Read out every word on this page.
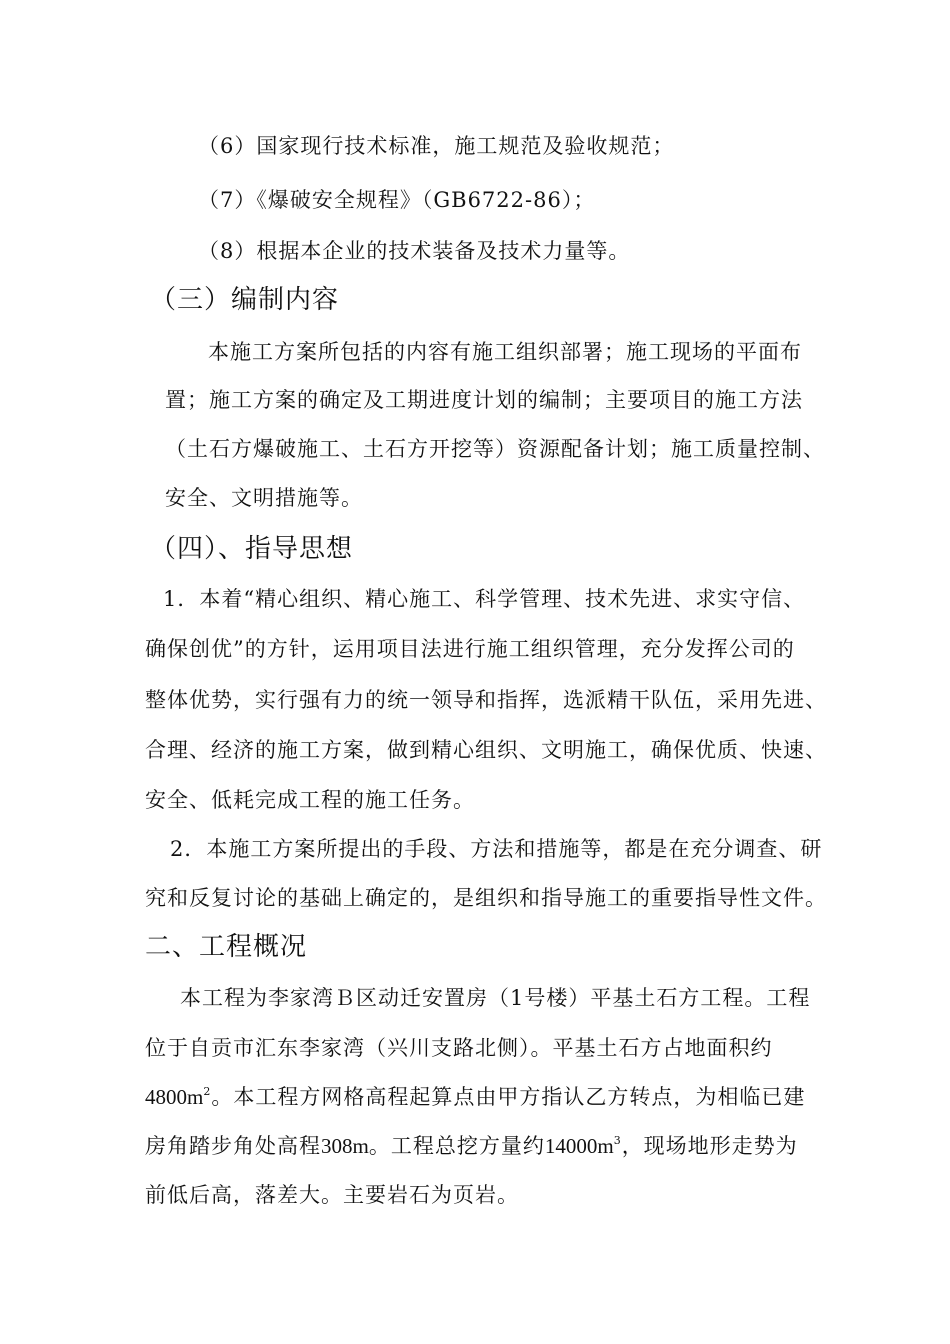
（6）国家现行技术标准，施工规范及验收规范；
（7）《爆破安全规程》（GB6722-86）；
（8）根据本企业的技术装备及技术力量等。
（三）编制内容
本施工方案所包括的内容有施工组织部署；施工现场的平面布
置；施工方案的确定及工期进度计划的编制；主要项目的施工方法
（土石方爆破施工、土石方开挖等）资源配备计划；施工质量控制、
安全、文明措施等。
（四）、指导思想
1．本着“精心组织、精心施工、科学管理、技术先进、求实守信、
确保创优”的方针，运用项目法进行施工组织管理，充分发挥公司的
整体优势，实行强有力的统一领导和指挥，选派精干队伍，采用先进、
合理、经济的施工方案，做到精心组织、文明施工，确保优质、快速、
安全、低耗完成工程的施工任务。
2．本施工方案所提出的手段、方法和措施等，都是在充分调查、研
究和反复讨论的基础上确定的，是组织和指导施工的重要指导性文件。
二、工程概况
本工程为李家湾Ｂ区动迁安置房（1号楼）平基土石方工程。工程
位于自贡市汇东李家湾（兴川支路北侧）。平基土石方占地面积约
$4800m^2$。本工程方网格高程起算点由甲方指认乙方转点，为相临已建
房角踏步角处高程308m。工程总挖方量约$14000m^3$，现场地形走势为
前低后高，落差大。主要岩石为页岩。
